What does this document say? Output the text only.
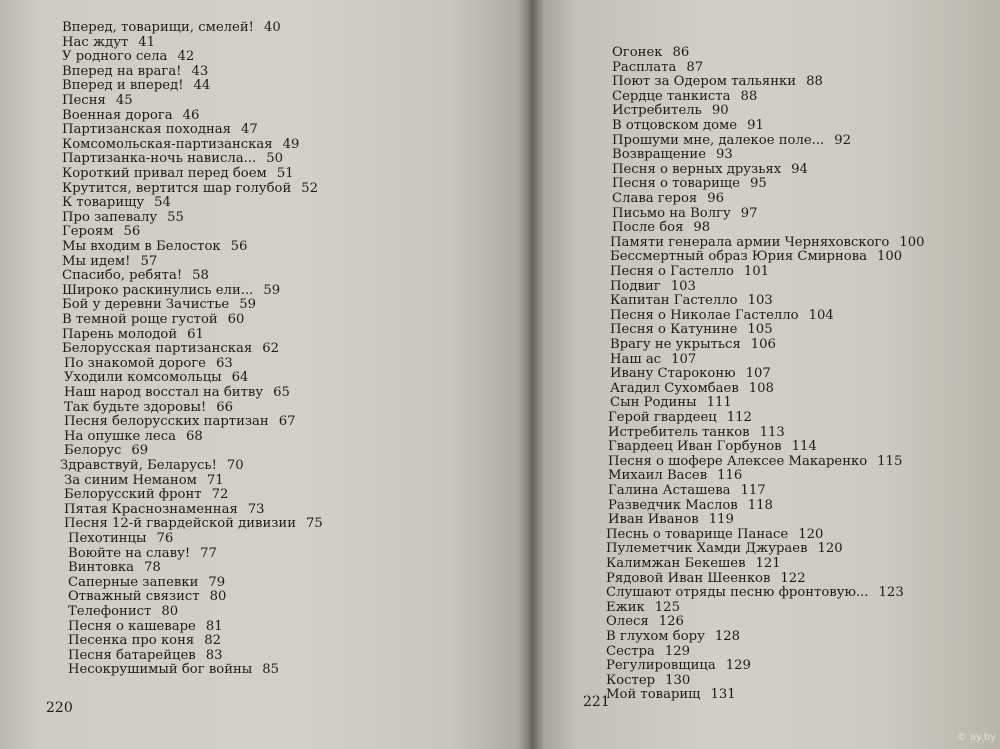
220
Вперед, товарищи, смелей! 40
Нас ждут 41
У родного села 42
Вперед на врага! 43
Вперед и вперед! 44
Песня 45
Военная дорога 46
Партизанская походная 47
Комсомольская-партизанская 49
Партизанка-ночь нависла... 50
Короткий привал перед боем 51
Крутится, вертится шар голубой 52
К товарищу 54
Про запевалу 55
Героям 56
Мы входим в Белосток 56
Мы идем! 57
Спасибо, ребята! 58
Широко раскинулись ели... 59
Бой у деревни Зачистье 59
В темной роще густой 60
Парень молодой 61
Белорусская партизанская 62
По знакомой дороге 63
Уходили комсомольцы 64
Наш народ восстал на битву 65
Так будьте здоровы! 66
Песня белорусских партизан 67
На опушке леса 68
Белорус 69
Здравствуй, Беларусь! 70
За синим Неманом 71
Белорусский фронт 72
Пятая Краснознаменная 73
Песня 12-й гвардейской дивизии 75
Пехотинцы 76
Воюйте на славу! 77
Винтовка 78
Саперные запевки 79
Отважный связист 80
Телефонист 80
Песня о кашеваре 81
Песенка про коня 82
Песня батарейцев 83
Несокрушимый бог войны 85
221
© ay.by
Огонек 86
Расплата 87
Поют за Одером тальянки 88
Сердце танкиста 88
Истребитель 90
В отцовском доме 91
Прошуми мне, далекое поле... 92
Возвращение 93
Песня о верных друзьях 94
Песня о товарище 95
Слава героя 96
Письмо на Волгу 97
После боя 98
Памяти генерала армии Черняховского 100
Бессмертный образ Юрия Смирнова 100
Песня о Гастелло 101
Подвиг 103
Капитан Гастелло 103
Песня о Николае Гастелло 104
Песня о Катунине 105
Врагу не укрыться 106
Наш ас 107
Ивану Староконю 107
Агадил Сухомбаев 108
Сын Родины 111
Герой гвардеец 112
Истребитель танков 113
Гвардеец Иван Горбунов 114
Песня о шофере Алексее Макаренко 115
Михаил Васев 116
Галина Асташева 117
Разведчик Маслов 118
Иван Иванов 119
Песнь о товарище Панасе 120
Пулеметчик Хамди Джураев 120
Калимжан Бекешев 121
Рядовой Иван Шеенков 122
Слушают отряды песню фронтовую... 123
Ежик 125
Олеся 126
В глухом бору 128
Сестра 129
Регулировщица 129
Костер 130
Мой товарищ 131
